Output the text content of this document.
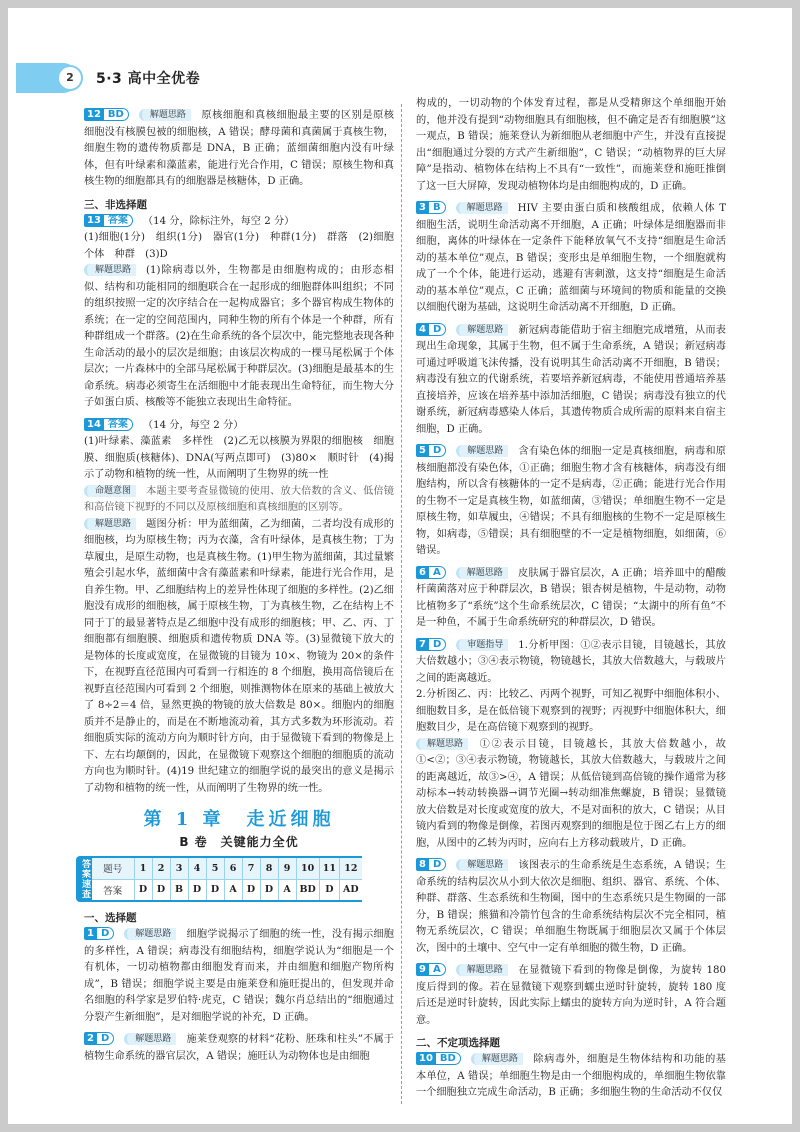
2	5·3 高中全优卷
12 BD	解题思路 原核细胞和真核细胞最主要的区别是原核细胞没有核膜包被的细胞核，A 错误；酵母菌和真菌属于真核生物，细胞生物的遗传物质都是 DNA，B 正确；蓝细菌细胞内没有叶绿体，但有叶绿素和藻蓝素，能进行光合作用，C 错误；原核生物和真核生物的细胞都具有的细胞器是核糖体，D 正确。
三、非选择题

13 答案 （14 分，除标注外，每空 2 分）

(1)细胞(1分)　组织(1分)　器官(1分)　种群(1分)　群落　(2)细胞　个体　种群　(3)D

解题思路 (1)除病毒以外，生物都是由细胞构成的；由形态相似、结构和功能相同的细胞联合在一起形成的细胞群体叫组织；不同的组织按照一定的次序结合在一起构成器官；多个器官构成生物体的系统；在一定的空间范围内，同种生物的所有个体是一个种群，所有种群组成一个群落。(2)在生命系统的各个层次中，能完整地表现各种生命活动的最小的层次是细胞；由该层次构成的一棵马尾松属于个体层次；一片森林中的全部马尾松属于种群层次。(3)细胞是最基本的生命系统。病毒必须寄生在活细胞中才能表现出生命特征，而生物大分子如蛋白质、核酸等不能独立表现出生命特征。

14 答案 （14 分，每空 2 分）

(1)叶绿素、藻蓝素　多样性　(2)乙无以核膜为界限的细胞核　细胞膜、细胞质(核糖体)、DNA(写两点即可)　(3)80×　顺时针　(4)揭示了动物和植物的统一性，从而阐明了生物界的统一性

命题意图 本题主要考查显微镜的使用、放大倍数的含义、低倍镜和高倍镜下视野的不同以及原核细胞和真核细胞的区别等。

解题思路 题图分析：甲为蓝细菌，乙为细菌，二者均没有成形的细胞核，均为原核生物；丙为衣藻，含有叶绿体，是真核生物；丁为草履虫，是原生动物，也是真核生物。(1)甲生物为蓝细菌，其过量繁殖会引起水华，蓝细菌中含有藻蓝素和叶绿素，能进行光合作用，是自养生物。甲、乙细胞结构上的差异性体现了细胞的多样性。(2)乙细胞没有成形的细胞核，属于原核生物，丁为真核生物，乙在结构上不同于丁的最显著特点是乙细胞中没有成形的细胞核；甲、乙、丙、丁细胞都有细胞膜、细胞质和遗传物质 DNA 等。(3)显微镜下放大的是物体的长度或宽度，在显微镜的目镜为 10×、物镜为 20×的条件下，在视野直径范围内可看到一行相连的 8 个细胞，换用高倍镜后在视野直径范围内可看到 2 个细胞，则推测物体在原来的基础上被放大了 8÷2＝4 倍，显然更换的物镜的放大倍数是 80×。细胞内的细胞质并不是静止的，而是在不断地流动着，其方式多数为环形流动。若细胞质实际的流动方向为顺时针方向，由于显微镜下看到的物像是上下、左右均颠倒的，因此，在显微镜下观察这个细胞的细胞质的流动方向也为顺时针。(4)19 世纪建立的细胞学说的最突出的意义是揭示了动物和植物的统一性，从而阐明了生物界的统一性。

第 1 章　走近细胞
B 卷　关键能力全优
答案速查 题号	1	2	3	4	5	6	7	8	9	10	11	12
答案	D	D	B	D	D	A	D	D	A	BD	D	AD
一、选择题
1 D	解题思路 细胞学说揭示了细胞的统一性，没有揭示细胞的多样性，A 错误；病毒没有细胞结构，细胞学说认为“细胞是一个有机体，一切动植物都由细胞发育而来，并由细胞和细胞产物所构成”，B 错误；细胞学说主要是由施莱登和施旺提出的，但发现并命名细胞的科学家是罗伯特·虎克，C 错误；魏尔肖总结出的“细胞通过分裂产生新细胞”，是对细胞学说的补充，D 正确。
2 D	解题思路 施莱登观察的材料“花粉、胚珠和柱头”不属于植物生命系统的器官层次，A 错误；施旺认为动物体也是由细胞
构成的，一切动物的个体发育过程，都是从受精卵这个单细胞开始的，他并没有提到“动物细胞具有细胞核，但不确定是否有细胞膜”这一观点，B 错误；施莱登认为新细胞从老细胞中产生，并没有直接提出“细胞通过分裂的方式产生新细胞”，C 错误；“动植物界的巨大屏障”是指动、植物体在结构上不具有“一致性”，而施莱登和施旺推倒了这一巨大屏障，发现动植物体均是由细胞构成的，D 正确。
3 B	解题思路 HIV 主要由蛋白质和核酸组成，依赖人体 T 细胞生活，说明生命活动离不开细胞，A 正确；叶绿体是细胞器而非细胞，离体的叶绿体在一定条件下能释放氧气不支持“细胞是生命活动的基本单位”观点，B 错误；变形虫是单细胞生物，一个细胞就构成了一个个体，能进行运动，逃避有害刺激，这支持“细胞是生命活动的基本单位”观点，C 正确；蓝细菌与环境间的物质和能量的交换以细胞代谢为基础，这说明生命活动离不开细胞，D 正确。
4 D	解题思路 新冠病毒能借助于宿主细胞完成增殖，从而表现出生命现象，其属于生物，但不属于生命系统，A 错误；新冠病毒可通过呼吸道飞沫传播，没有说明其生命活动离不开细胞，B 错误；病毒没有独立的代谢系统，若要培养新冠病毒，不能使用普通培养基直接培养，应该在培养基中添加活细胞，C 错误；病毒没有独立的代谢系统，新冠病毒感染人体后，其遗传物质合成所需的原料来自宿主细胞，D 正确。
5 D	解题思路 含有染色体的细胞一定是真核细胞，病毒和原核细胞都没有染色体，①正确；细胞生物才含有核糖体，病毒没有细胞结构，所以含有核糖体的一定不是病毒，②正确；能进行光合作用的生物不一定是真核生物，如蓝细菌，③错误；单细胞生物不一定是原核生物，如草履虫，④错误；不具有细胞核的生物不一定是原核生物，如病毒，⑤错误；具有细胞壁的不一定是植物细胞，如细菌，⑥错误。
6 A	解题思路 皮肤属于器官层次，A 正确；培养皿中的醋酸杆菌菌落对应于种群层次，B 错误；银杏树是植物，牛是动物，动物比植物多了“系统”这个生命系统层次，C 错误；“太湖中的所有鱼”不是一种鱼，不属于生命系统研究的种群层次，D 错误。

7 D	审题指导 1.分析甲图：①②表示目镜，目镜越长，其放大倍数越小；③④表示物镜，物镜越长，其放大倍数越大，与载玻片之间的距离越近。

2.分析图乙、丙：比较乙、丙两个视野，可知乙视野中细胞体积小、细胞数目多，是在低倍镜下观察到的视野；丙视野中细胞体积大，细胞数目少，是在高倍镜下观察到的视野。

解题思路 ①②表示目镜，目镜越长，其放大倍数越小，故①<②；③④表示物镜，物镜越长，其放大倍数越大，与载玻片之间的距离越近，故③>④，A 错误；从低倍镜到高倍镜的操作通常为移动标本→转动转换器→调节光圈→转动细准焦螺旋，B 错误；显微镜放大倍数是对长度或宽度的放大，不是对面积的放大，C 错误；从目镜内看到的物像是倒像，若图丙观察到的细胞是位于图乙右上方的细胞，从图中的乙转为丙时，应向右上方移动载玻片，D 正确。

8 D	解题思路 该图表示的生命系统是生态系统，A 错误；生命系统的结构层次从小到大依次是细胞、组织、器官、系统、个体、种群、群落、生态系统和生物圈，图中的生态系统只是生物圈的一部分，B 错误；熊猫和冷箭竹包含的生命系统结构层次不完全相同，植物无系统层次，C 错误；单细胞生物既属于细胞层次又属于个体层次，图中的土壤中、空气中一定有单细胞的微生物，D 正确。
9 A	解题思路 在显微镜下看到的物像是倒像，为旋转 180 度后得到的像。若在显微镜下观察到蠕虫逆时针旋转，旋转 180 度后还是逆时针旋转，因此实际上蠕虫的旋转方向为逆时针，A 符合题意。
二、不定项选择题
10 BD	解题思路 除病毒外，细胞是生物体结构和功能的基本单位，A 错误；单细胞生物是由一个细胞构成的，单细胞生物依靠一个细胞独立完成生命活动，B 正确；多细胞生物的生命活动不仅仅
